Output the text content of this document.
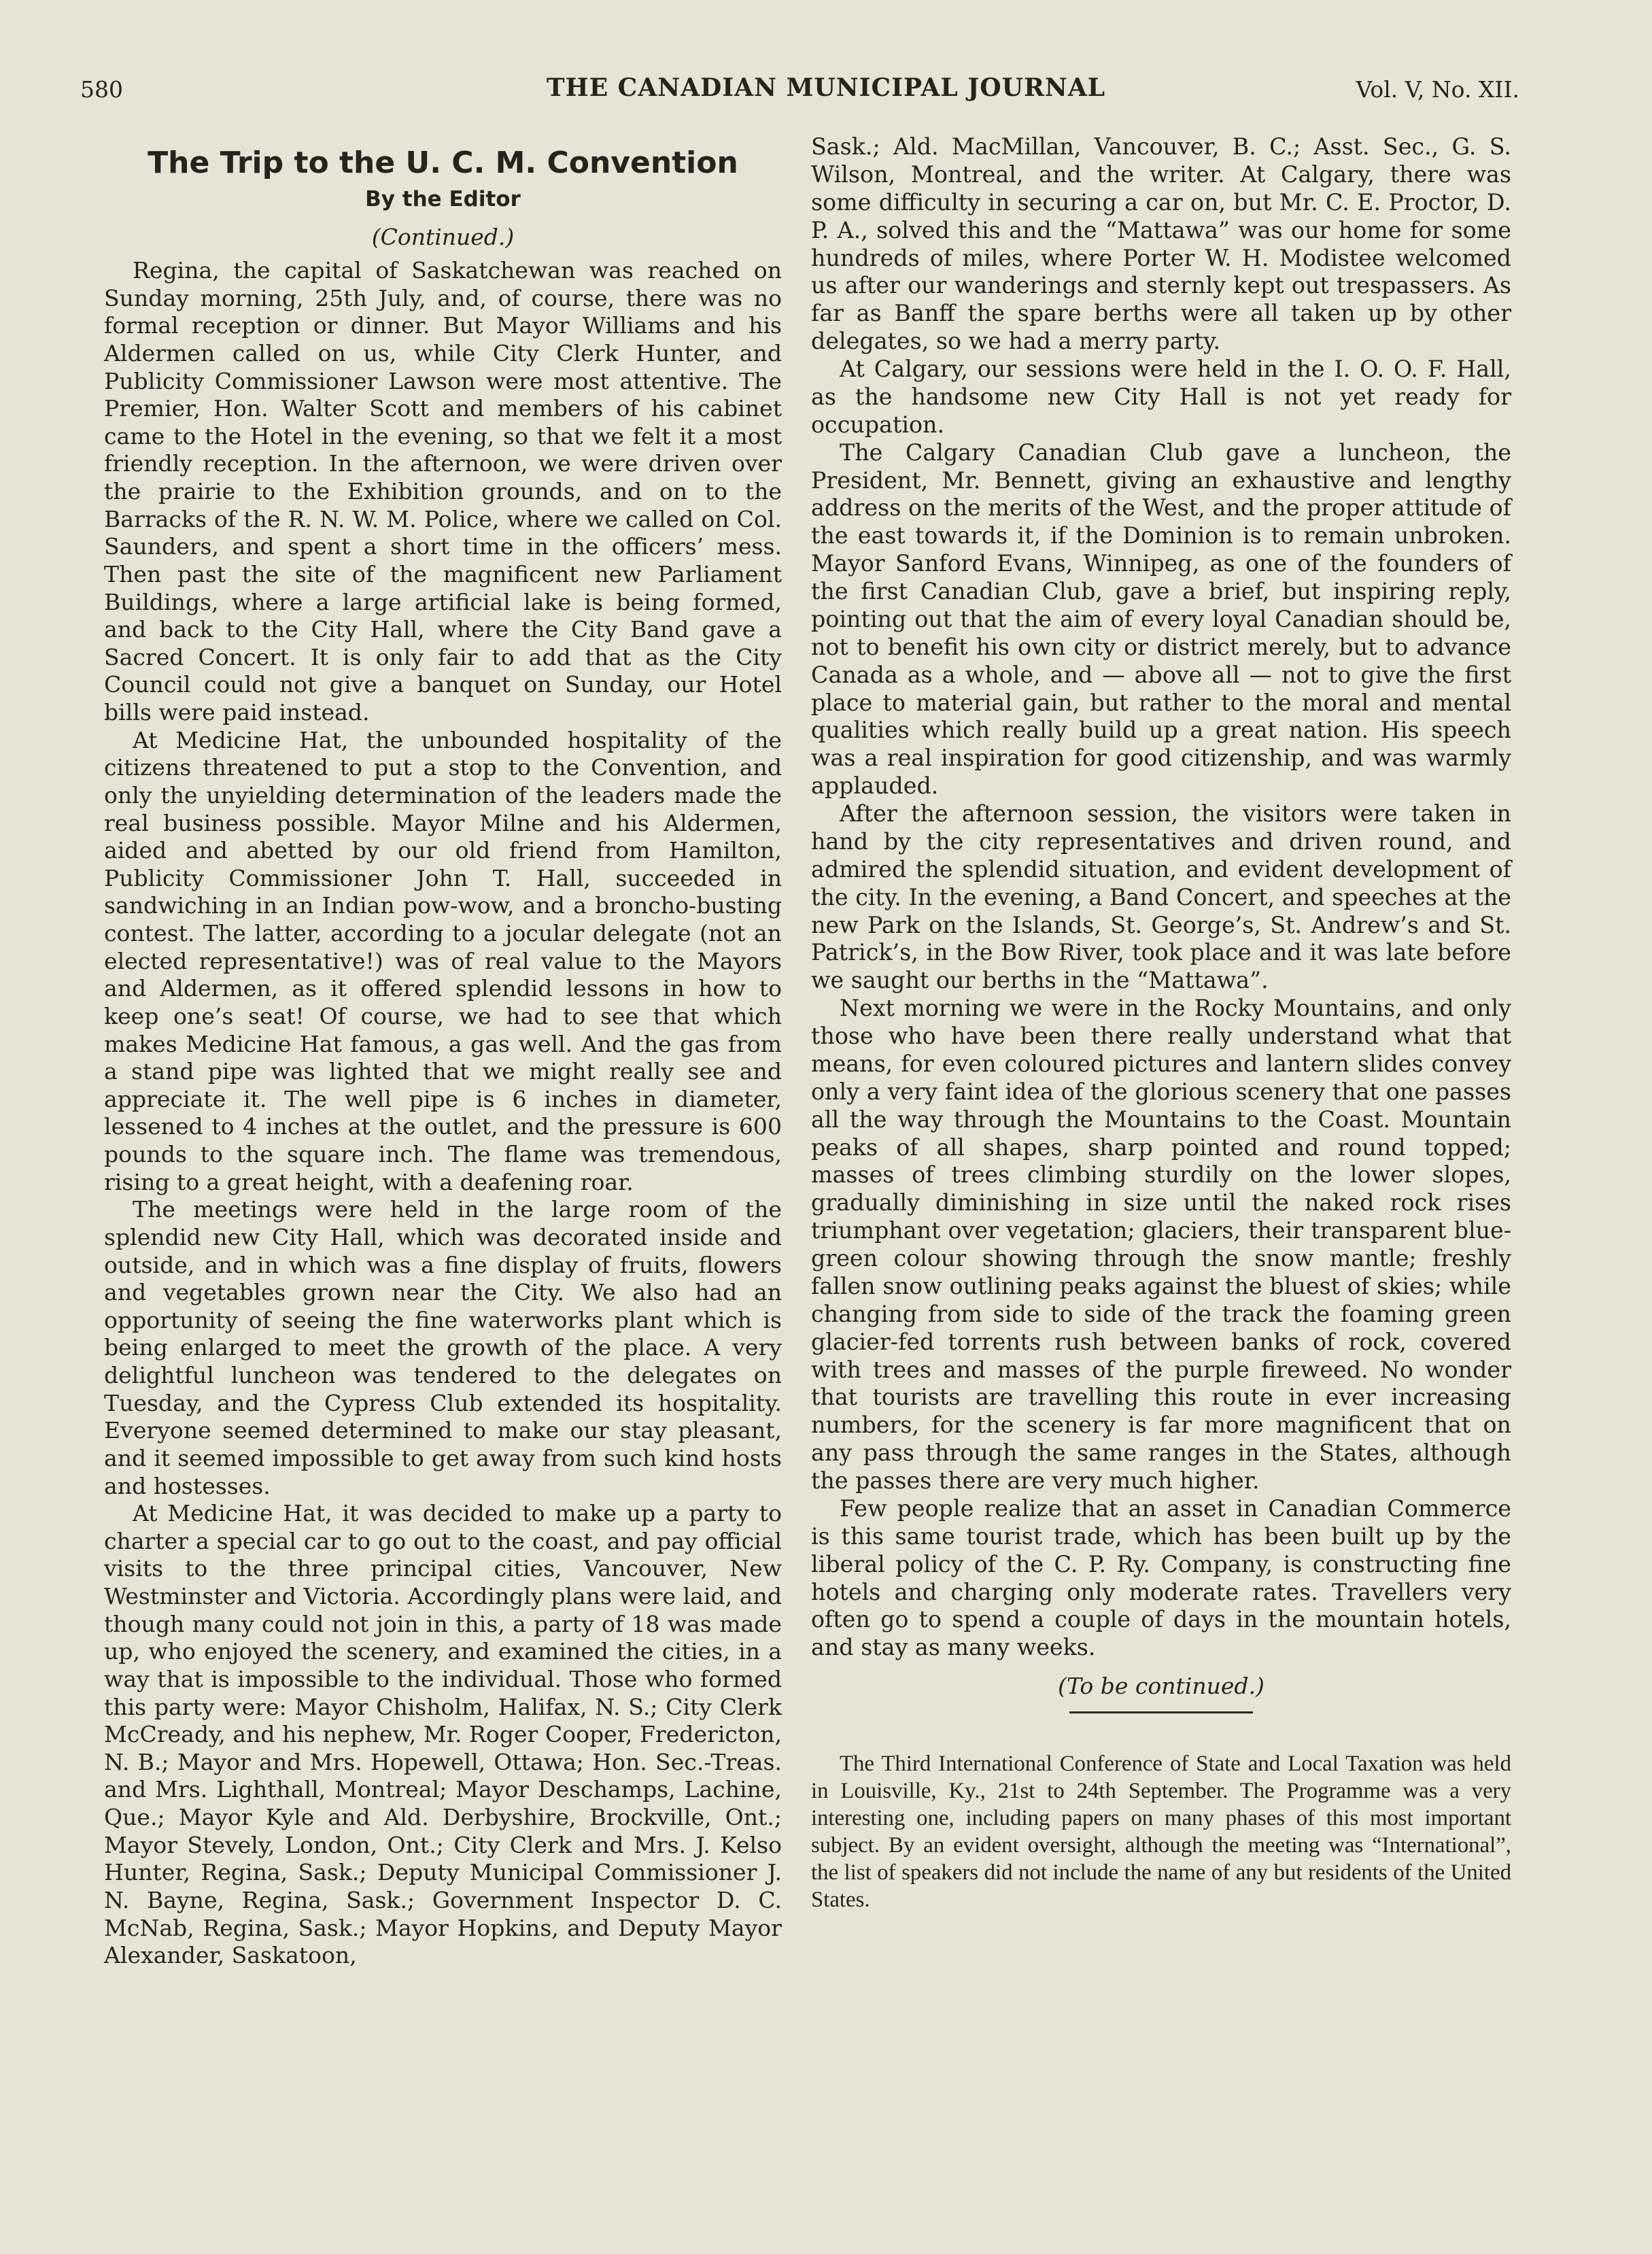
580	THE CANADIAN MUNICIPAL JOURNAL	Vol. V, No. XII.
The Trip to the U. C. M. Convention
By the Editor
(Continued.)

Regina, the capital of Saskatchewan was reached on Sunday morning, 25th July, and, of course, there was no formal reception or dinner. But Mayor Williams and his Aldermen called on us, while City Clerk Hunter, and Publicity Commissioner Lawson were most attentive. The Premier, Hon. Walter Scott and members of his cabinet came to the Hotel in the evening, so that we felt it a most friendly reception. In the afternoon, we were driven over the prairie to the Exhibition grounds, and on to the Barracks of the R. N. W. M. Police, where we called on Col. Saunders, and spent a short time in the officers’ mess. Then past the site of the magnificent new Parliament Buildings, where a large artificial lake is being formed, and back to the City Hall, where the City Band gave a Sacred Concert. It is only fair to add that as the City Council could not give a banquet on Sunday, our Hotel bills were paid instead.

At Medicine Hat, the unbounded hospitality of the citizens threatened to put a stop to the Convention, and only the unyielding determination of the leaders made the real business possible. Mayor Milne and his Aldermen, aided and abetted by our old friend from Hamilton, Publicity Commissioner John T. Hall, succeeded in sandwiching in an Indian pow-wow, and a broncho-busting contest. The latter, according to a jocular delegate (not an elected representative!) was of real value to the Mayors and Aldermen, as it offered splendid lessons in how to keep one’s seat! Of course, we had to see that which makes Medicine Hat famous, a gas well. And the gas from a stand pipe was lighted that we might really see and appreciate it. The well pipe is 6 inches in diameter, lessened to 4 inches at the outlet, and the pressure is 600 pounds to the square inch. The flame was tremendous, rising to a great height, with a deafening roar.

The meetings were held in the large room of the splendid new City Hall, which was decorated inside and outside, and in which was a fine display of fruits, flowers and vegetables grown near the City. We also had an opportunity of seeing the fine waterworks plant which is being enlarged to meet the growth of the place. A very delightful luncheon was tendered to the delegates on Tuesday, and the Cypress Club extended its hospitality. Everyone seemed determined to make our stay pleasant, and it seemed impossible to get away from such kind hosts and hostesses.

At Medicine Hat, it was decided to make up a party to charter a special car to go out to the coast, and pay official visits to the three principal cities, Vancouver, New Westminster and Victoria. Accordingly plans were laid, and though many could not join in this, a party of 18 was made up, who enjoyed the scenery, and examined the cities, in a way that is impossible to the individual. Those who formed this party were: Mayor Chisholm, Halifax, N. S.; City Clerk McCready, and his nephew, Mr. Roger Cooper, Fredericton, N. B.; Mayor and Mrs. Hopewell, Ottawa; Hon. Sec.-Treas. and Mrs. Lighthall, Montreal; Mayor Deschamps, Lachine, Que.; Mayor Kyle and Ald. Derbyshire, Brockville, Ont.; Mayor Stevely, London, Ont.; City Clerk and Mrs. J. Kelso Hunter, Regina, Sask.; Deputy Municipal Commissioner J. N. Bayne, Regina, Sask.; Government Inspector D. C. McNab, Regina, Sask.; Mayor Hopkins, and Deputy Mayor Alexander, Saskatoon,

Sask.; Ald. MacMillan, Vancouver, B. C.; Asst. Sec., G. S. Wilson, Montreal, and the writer. At Calgary, there was some difficulty in securing a car on, but Mr. C. E. Proctor, D. P. A., solved this and the “Mattawa” was our home for some hundreds of miles, where Porter W. H. Modistee welcomed us after our wanderings and sternly kept out trespassers. As far as Banff the spare berths were all taken up by other delegates, so we had a merry party.

At Calgary, our sessions were held in the I. O. O. F. Hall, as the handsome new City Hall is not yet ready for occupation.

The Calgary Canadian Club gave a luncheon, the President, Mr. Bennett, giving an exhaustive and lengthy address on the merits of the West, and the proper attitude of the east towards it, if the Dominion is to remain unbroken. Mayor Sanford Evans, Winnipeg, as one of the founders of the first Canadian Club, gave a brief, but inspiring reply, pointing out that the aim of every loyal Canadian should be, not to benefit his own city or district merely, but to advance Canada as a whole, and — above all — not to give the first place to material gain, but rather to the moral and mental qualities which really build up a great nation. His speech was a real inspiration for good citizenship, and was warmly applauded.

After the afternoon session, the visitors were taken in hand by the city representatives and driven round, and admired the splendid situation, and evident development of the city. In the evening, a Band Concert, and speeches at the new Park on the Islands, St. George’s, St. Andrew’s and St. Patrick’s, in the Bow River, took place and it was late before we saught our berths in the “Mattawa”.

Next morning we were in the Rocky Mountains, and only those who have been there really understand what that means, for even coloured pictures and lantern slides convey only a very faint idea of the glorious scenery that one passes all the way through the Mountains to the Coast. Mountain peaks of all shapes, sharp pointed and round topped; masses of trees climbing sturdily on the lower slopes, gradually diminishing in size until the naked rock rises triumphant over vegetation; glaciers, their transparent blue-green colour showing through the snow mantle; freshly fallen snow outlining peaks against the bluest of skies; while changing from side to side of the track the foaming green glacier-fed torrents rush between banks of rock, covered with trees and masses of the purple fireweed. No wonder that tourists are travelling this route in ever increasing numbers, for the scenery is far more magnificent that on any pass through the same ranges in the States, although the passes there are very much higher.

Few people realize that an asset in Canadian Commerce is this same tourist trade, which has been built up by the liberal policy of the C. P. Ry. Company, is constructing fine hotels and charging only moderate rates. Travellers very often go to spend a couple of days in the mountain hotels, and stay as many weeks.

(To be continued.)

The Third International Conference of State and Local Taxation was held in Louisville, Ky., 21st to 24th September. The Programme was a very interesting one, including papers on many phases of this most important subject. By an evident oversight, although the meeting was “International”, the list of speakers did not include the name of any but residents of the United States.
